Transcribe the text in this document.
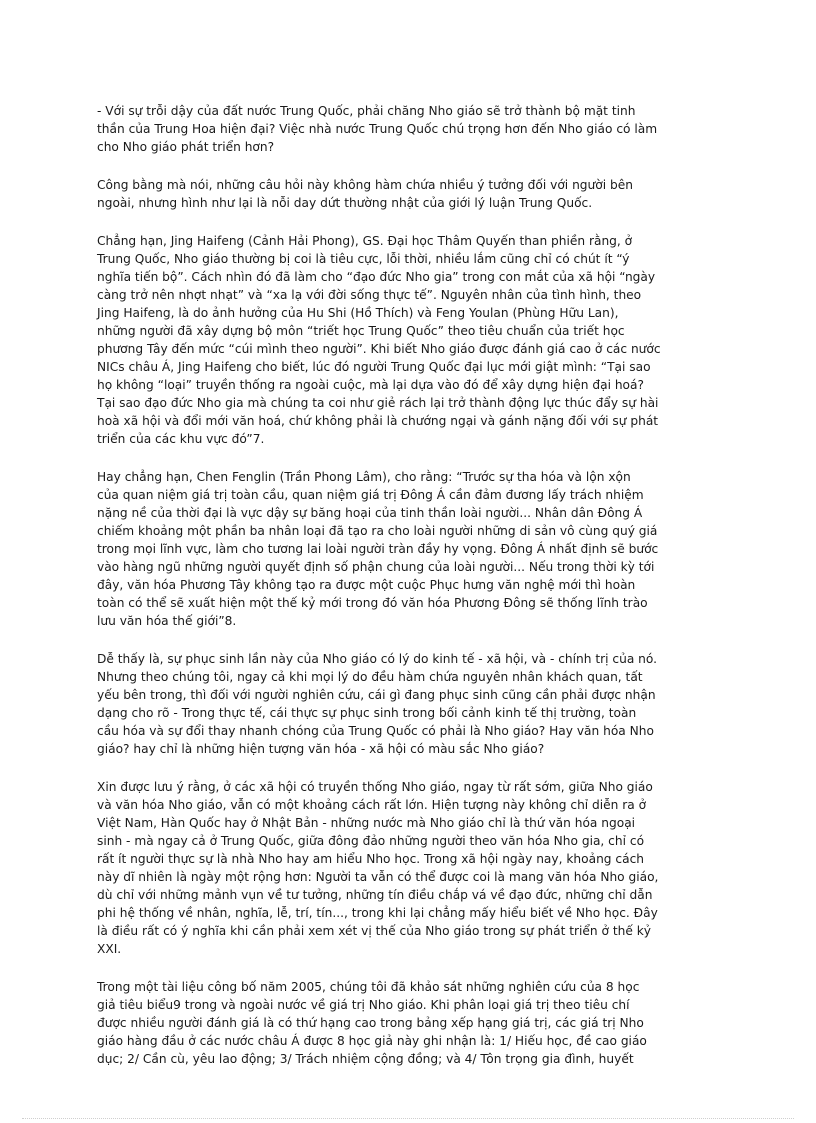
- Với sự trỗi dậy của đất nước Trung Quốc, phải chăng Nho giáo sẽ trở thành bộ mặt tinh
thần của Trung Hoa hiện đại? Việc nhà nước Trung Quốc chú trọng hơn đến Nho giáo có làm
cho Nho giáo phát triển hơn?

Công bằng mà nói, những câu hỏi này không hàm chứa nhiều ý tưởng đối với người bên
ngoài, nhưng hình như lại là nỗi day dứt thường nhật của giới lý luận Trung Quốc.

Chẳng hạn, Jing Haifeng (Cảnh Hải Phong), GS. Đại học Thâm Quyến than phiền rằng, ở
Trung Quốc, Nho giáo thường bị coi là tiêu cực, lỗi thời, nhiều lắm cũng chỉ có chút ít “ý
nghĩa tiến bộ”. Cách nhìn đó đã làm cho “đạo đức Nho gia” trong con mắt của xã hội “ngày
càng trở nên nhợt nhạt” và “xa lạ với đời sống thực tế”. Nguyên nhân của tình hình, theo
Jing Haifeng, là do ảnh hưởng của Hu Shi (Hồ Thích) và Feng Youlan (Phùng Hữu Lan),
những người đã xây dựng bộ môn “triết học Trung Quốc” theo tiêu chuẩn của triết học
phương Tây đến mức “cúi mình theo người”. Khi biết Nho giáo được đánh giá cao ở các nước
NICs châu Á, Jing Haifeng cho biết, lúc đó người Trung Quốc đại lục mới giật mình: “Tại sao
họ không “loại” truyền thống ra ngoài cuộc, mà lại dựa vào đó để xây dựng hiện đại hoá?
Tại sao đạo đức Nho gia mà chúng ta coi như giẻ rách lại trở thành động lực thúc đẩy sự hài
hoà xã hội và đổi mới văn hoá, chứ không phải là chướng ngại và gánh nặng đối với sự phát
triển của các khu vực đó”7.

Hay chẳng hạn, Chen Fenglin (Trần Phong Lâm), cho rằng: “Trước sự tha hóa và lộn xộn
của quan niệm giá trị toàn cầu, quan niệm giá trị Đông Á cần đảm đương lấy trách nhiệm
nặng nề của thời đại là vực dậy sự băng hoại của tinh thần loài người... Nhân dân Đông Á
chiếm khoảng một phần ba nhân loại đã tạo ra cho loài người những di sản vô cùng quý giá
trong mọi lĩnh vực, làm cho tương lai loài người tràn đầy hy vọng. Đông Á nhất định sẽ bước
vào hàng ngũ những người quyết định số phận chung của loài người... Nếu trong thời kỳ tới
đây, văn hóa Phương Tây không tạo ra được một cuộc Phục hưng văn nghệ mới thì hoàn
toàn có thể sẽ xuất hiện một thế kỷ mới trong đó văn hóa Phương Đông sẽ thống lĩnh trào
lưu văn hóa thế giới”8.

Dễ thấy là, sự phục sinh lần này của Nho giáo có lý do kinh tế - xã hội, và - chính trị của nó.
Nhưng theo chúng tôi, ngay cả khi mọi lý do đều hàm chứa nguyên nhân khách quan, tất
yếu bên trong, thì đối với người nghiên cứu, cái gì đang phục sinh cũng cần phải được nhận
dạng cho rõ - Trong thực tế, cái thực sự phục sinh trong bối cảnh kinh tế thị trường, toàn
cầu hóa và sự đổi thay nhanh chóng của Trung Quốc có phải là Nho giáo? Hay văn hóa Nho
giáo? hay chỉ là những hiện tượng văn hóa - xã hội có màu sắc Nho giáo?

Xin được lưu ý rằng, ở các xã hội có truyền thống Nho giáo, ngay từ rất sớm, giữa Nho giáo
và văn hóa Nho giáo, vẫn có một khoảng cách rất lớn. Hiện tượng này không chỉ diễn ra ở
Việt Nam, Hàn Quốc hay ở Nhật Bản - những nước mà Nho giáo chỉ là thứ văn hóa ngoại
sinh - mà ngay cả ở Trung Quốc, giữa đông đảo những người theo văn hóa Nho gia, chỉ có
rất ít người thực sự là nhà Nho hay am hiểu Nho học. Trong xã hội ngày nay, khoảng cách
này dĩ nhiên là ngày một rộng hơn: Người ta vẫn có thể được coi là mang văn hóa Nho giáo,
dù chỉ với những mảnh vụn về tư tưởng, những tín điều chắp vá về đạo đức, những chỉ dẫn
phi hệ thống về nhân, nghĩa, lễ, trí, tín..., trong khi lại chẳng mấy hiểu biết về Nho học. Đây
là điều rất có ý nghĩa khi cần phải xem xét vị thế của Nho giáo trong sự phát triển ở thế kỷ
XXI.

Trong một tài liệu công bố năm 2005, chúng tôi đã khảo sát những nghiên cứu của 8 học
giả tiêu biểu9 trong và ngoài nước về giá trị Nho giáo. Khi phân loại giá trị theo tiêu chí
được nhiều người đánh giá là có thứ hạng cao trong bảng xếp hạng giá trị, các giá trị Nho
giáo hàng đầu ở các nước châu Á được 8 học giả này ghi nhận là: 1/ Hiếu học, đề cao giáo
dục; 2/ Cần cù, yêu lao động; 3/ Trách nhiệm cộng đồng; và 4/ Tôn trọng gia đình, huyết
